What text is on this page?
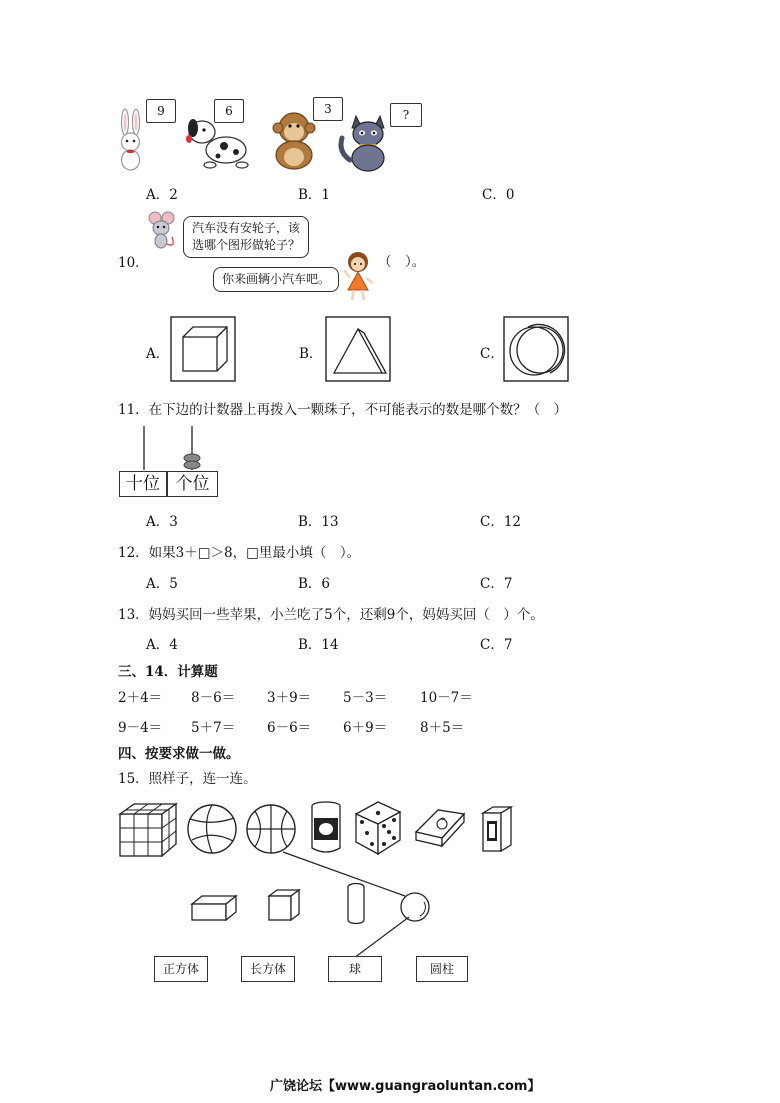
9	6	3	?
A．2	B．1	C．0
汽车没有安轮子，该
选哪个图形做轮子？
10．
你来画辆小汽车吧。
（　）。
A．	B．	C．
11．在下边的计数器上再拨入一颗珠子，不可能表示的数是哪个数？（　）
十位 个位
A．3	B．13	C．12
12．如果3＋□＞8，□里最小填（　）。
A．5	B．6	C．7
13．妈妈买回一些苹果，小兰吃了5个，还剩9个，妈妈买回（　）个。
A．4	B．14	C．7
三、14．计算题
2＋4＝ 8－6＝ 3＋9＝ 5－3＝ 10－7＝
9－4＝ 5＋7＝ 6－6＝ 6＋9＝ 8＋5＝
四、按要求做一做。
15．照样子，连一连。
正方体	长方体	球	圆柱
广饶论坛【www.guangraoluntan.com】
